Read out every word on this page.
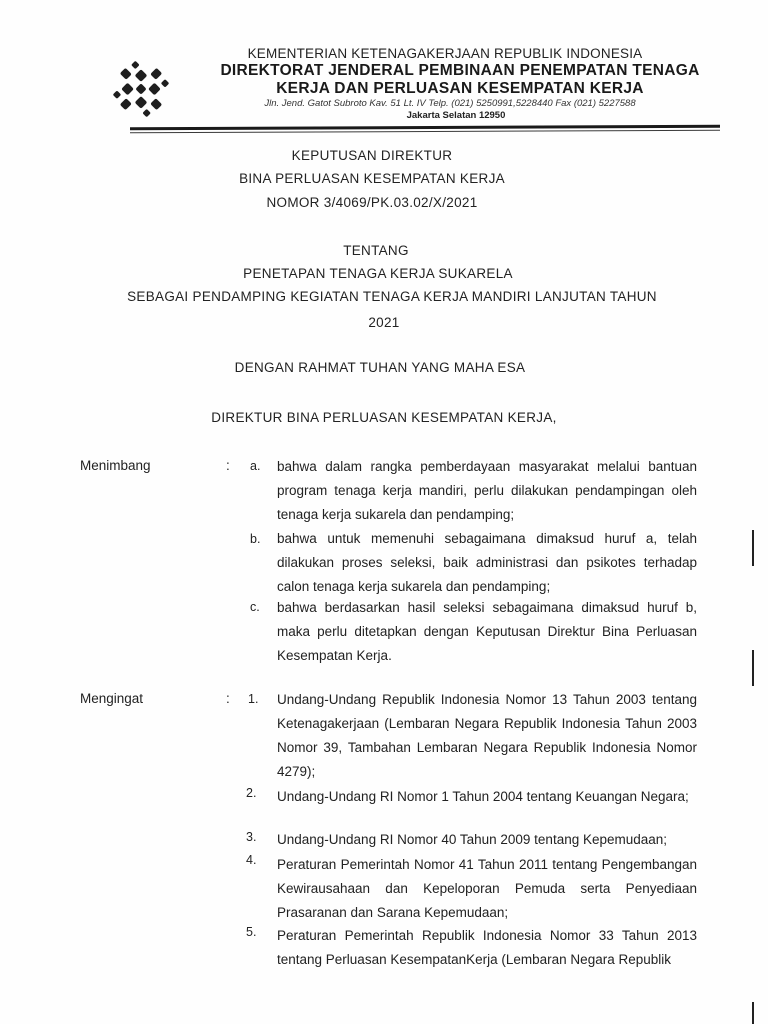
KEMENTERIAN KETENAGAKERJAAN REPUBLIK INDONESIA
DIREKTORAT JENDERAL PEMBINAAN PENEMPATAN TENAGA
KERJA DAN PERLUASAN KESEMPATAN KERJA
Jln. Jend. Gatot Subroto Kav. 51 Lt. IV Telp. (021) 5250991,5228440 Fax (021) 5227588
Jakarta Selatan 12950
KEPUTUSAN DIREKTUR
BINA PERLUASAN KESEMPATAN KERJA
NOMOR 3/4069/PK.03.02/X/2021
TENTANG
PENETAPAN TENAGA KERJA SUKARELA
SEBAGAI PENDAMPING KEGIATAN TENAGA KERJA MANDIRI LANJUTAN TAHUN
2021
DENGAN RAHMAT TUHAN YANG MAHA ESA
DIREKTUR BINA PERLUASAN KESEMPATAN KERJA,
Menimbang	: a. bahwa dalam rangka pemberdayaan masyarakat melalui bantuan program tenaga kerja mandiri, perlu dilakukan pendampingan oleh tenaga kerja sukarela dan pendamping;
b. bahwa untuk memenuhi sebagaimana dimaksud huruf a, telah dilakukan proses seleksi, baik administrasi dan psikotes terhadap calon tenaga kerja sukarela dan pendamping;
c. bahwa berdasarkan hasil seleksi sebagaimana dimaksud huruf b, maka perlu ditetapkan dengan Keputusan Direktur Bina Perluasan Kesempatan Kerja.
Mengingat	: 1. Undang-Undang Republik Indonesia Nomor 13 Tahun 2003 tentang Ketenagakerjaan (Lembaran Negara Republik Indonesia Tahun 2003 Nomor 39, Tambahan Lembaran Negara Republik Indonesia Nomor 4279);
2. Undang-Undang RI Nomor 1 Tahun 2004 tentang Keuangan Negara;
3. Undang-Undang RI Nomor 40 Tahun 2009 tentang Kepemudaan;
4. Peraturan Pemerintah Nomor 41 Tahun 2011 tentang Pengembangan Kewirausahaan dan Kepeloporan Pemuda serta Penyediaan Prasaranan dan Sarana Kepemudaan;
5. Peraturan Pemerintah Republik Indonesia Nomor 33 Tahun 2013 tentang Perluasan KesempatanKerja (Lembaran Negara Republik
